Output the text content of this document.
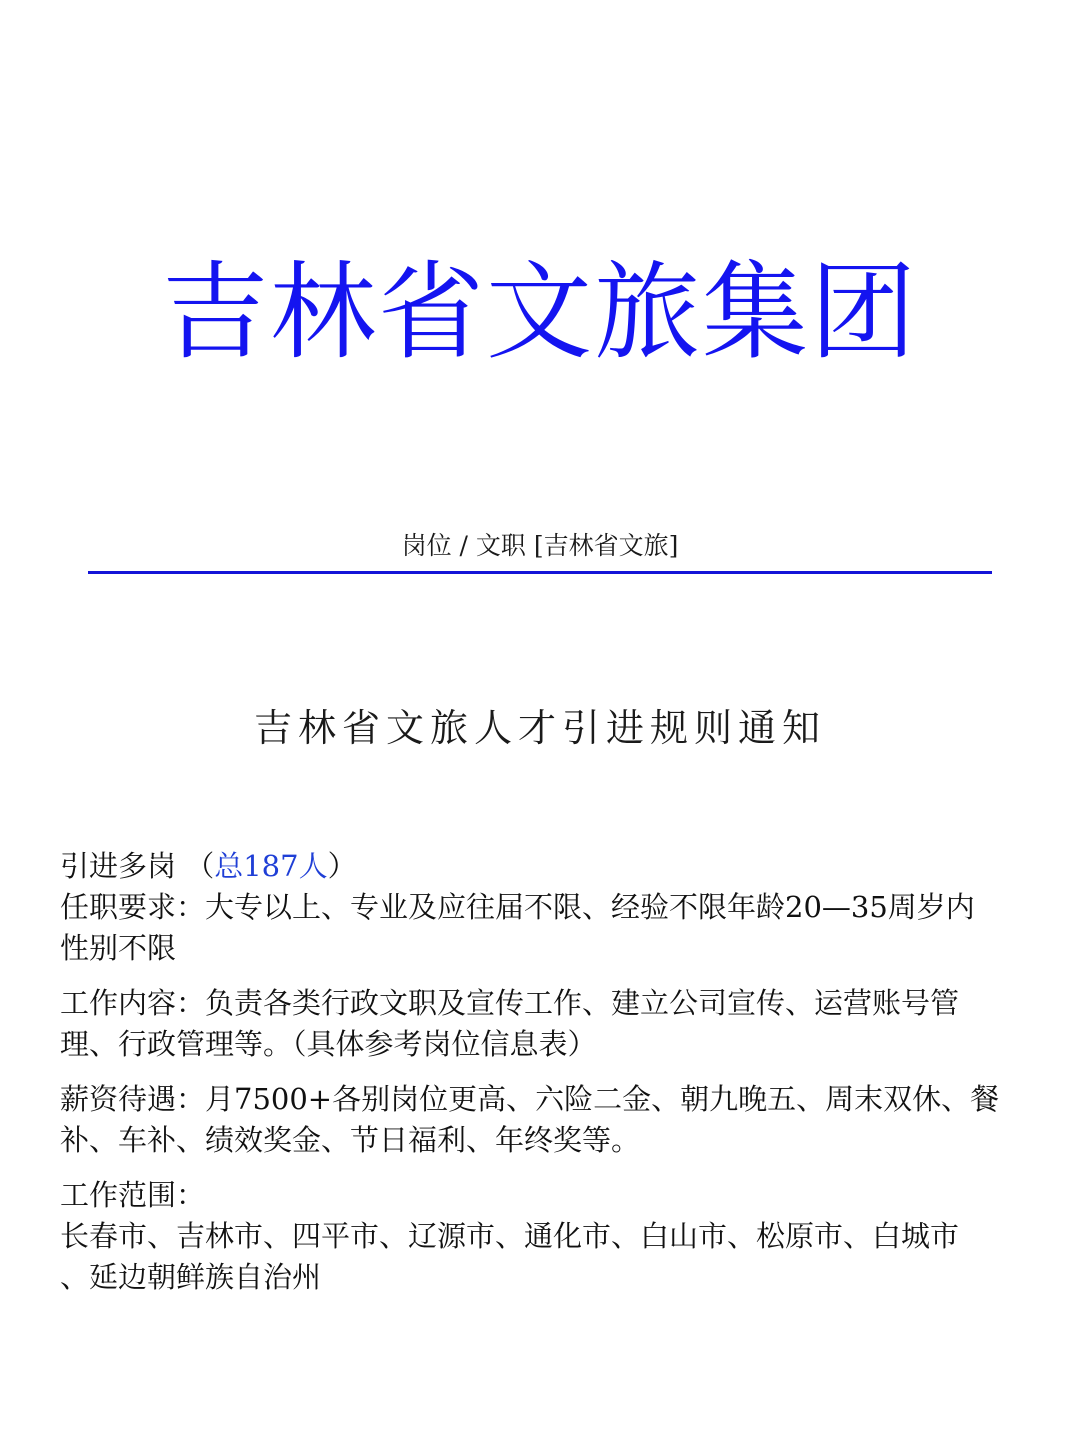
吉林省文旅集团
岗位 / 文职 [吉林省文旅]
吉林省文旅人才引进规则通知

引进多岗 （总187人）

任职要求：大专以上、专业及应往届不限、经验不限年龄20—35周岁内

性别不限

工作内容：负责各类行政文职及宣传工作、建立公司宣传、运营账号管

理、行政管理等。（具体参考岗位信息表）

薪资待遇：月7500+各别岗位更高、六险二金、朝九晚五、周末双休、餐

补、车补、绩效奖金、节日福利、年终奖等。

工作范围：

长春市、吉林市、四平市、辽源市、通化市、白山市、松原市、白城市

、延边朝鲜族自治州
